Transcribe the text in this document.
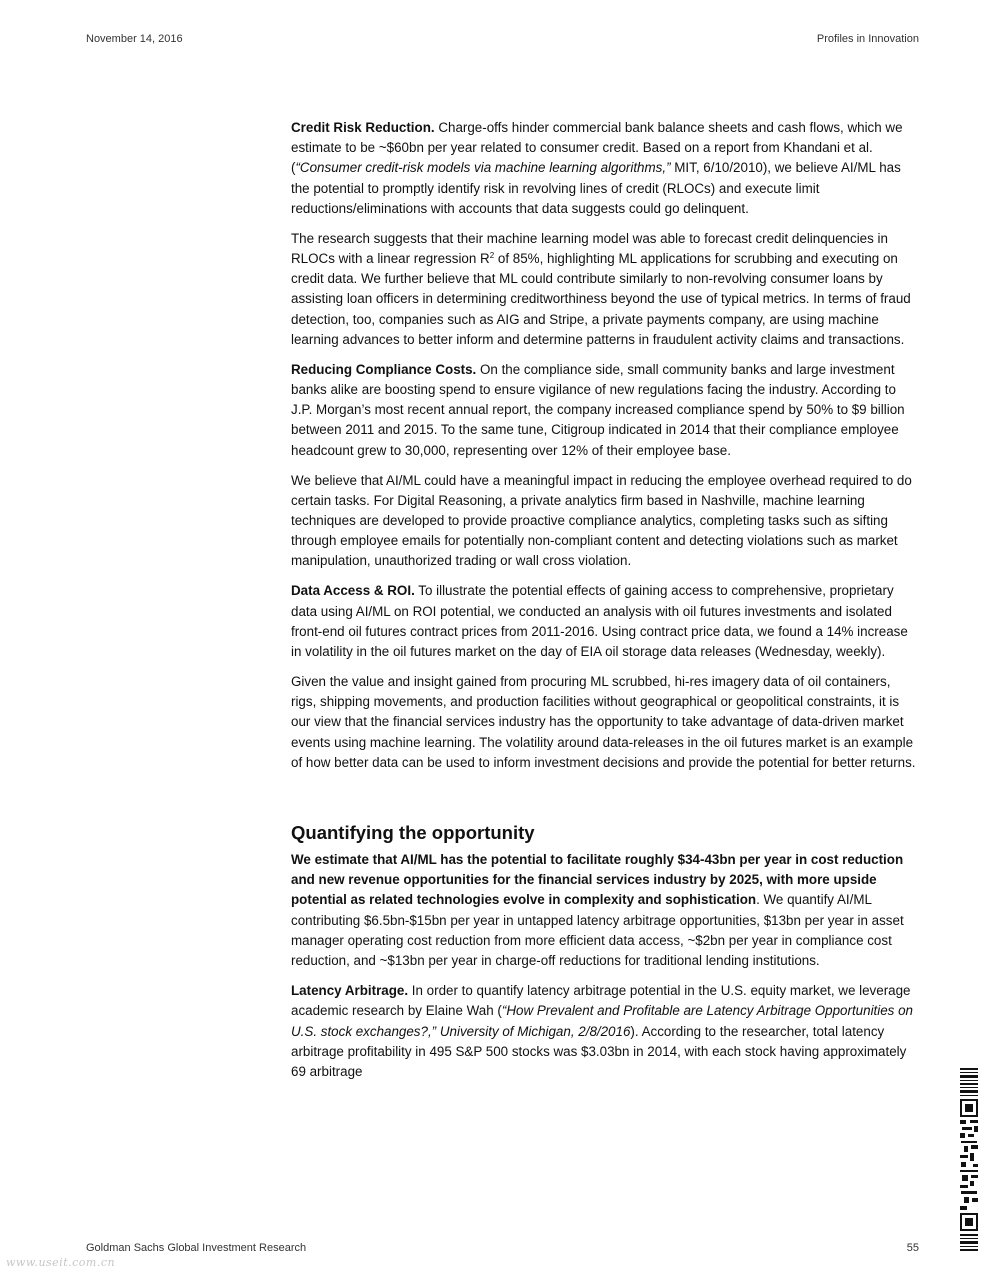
November 14, 2016	Profiles in Innovation

Credit Risk Reduction. Charge-offs hinder commercial bank balance sheets and cash flows, which we estimate to be ~$60bn per year related to consumer credit. Based on a report from Khandani et al. (“Consumer credit-risk models via machine learning algorithms,” MIT, 6/10/2010), we believe AI/ML has the potential to promptly identify risk in revolving lines of credit (RLOCs) and execute limit reductions/eliminations with accounts that data suggests could go delinquent.

The research suggests that their machine learning model was able to forecast credit delinquencies in RLOCs with a linear regression $R^2$ of 85%, highlighting ML applications for scrubbing and executing on credit data. We further believe that ML could contribute similarly to non-revolving consumer loans by assisting loan officers in determining creditworthiness beyond the use of typical metrics. In terms of fraud detection, too, companies such as AIG and Stripe, a private payments company, are using machine learning advances to better inform and determine patterns in fraudulent activity claims and transactions.

Reducing Compliance Costs. On the compliance side, small community banks and large investment banks alike are boosting spend to ensure vigilance of new regulations facing the industry. According to J.P. Morgan’s most recent annual report, the company increased compliance spend by 50% to $9 billion between 2011 and 2015. To the same tune, Citigroup indicated in 2014 that their compliance employee headcount grew to 30,000, representing over 12% of their employee base.

We believe that AI/ML could have a meaningful impact in reducing the employee overhead required to do certain tasks. For Digital Reasoning, a private analytics firm based in Nashville, machine learning techniques are developed to provide proactive compliance analytics, completing tasks such as sifting through employee emails for potentially non-compliant content and detecting violations such as market manipulation, unauthorized trading or wall cross violation.

Data Access & ROI. To illustrate the potential effects of gaining access to comprehensive, proprietary data using AI/ML on ROI potential, we conducted an analysis with oil futures investments and isolated front-end oil futures contract prices from 2011-2016. Using contract price data, we found a 14% increase in volatility in the oil futures market on the day of EIA oil storage data releases (Wednesday, weekly).

Given the value and insight gained from procuring ML scrubbed, hi-res imagery data of oil containers, rigs, shipping movements, and production facilities without geographical or geopolitical constraints, it is our view that the financial services industry has the opportunity to take advantage of data-driven market events using machine learning. The volatility around data-releases in the oil futures market is an example of how better data can be used to inform investment decisions and provide the potential for better returns.

Quantifying the opportunity

We estimate that AI/ML has the potential to facilitate roughly $34-43bn per year in cost reduction and new revenue opportunities for the financial services industry by 2025, with more upside potential as related technologies evolve in complexity and sophistication. We quantify AI/ML contributing $6.5bn-$15bn per year in untapped latency arbitrage opportunities, $13bn per year in asset manager operating cost reduction from more efficient data access, ~$2bn per year in compliance cost reduction, and ~$13bn per year in charge-off reductions for traditional lending institutions.

Latency Arbitrage. In order to quantify latency arbitrage potential in the U.S. equity market, we leverage academic research by Elaine Wah (“How Prevalent and Profitable are Latency Arbitrage Opportunities on U.S. stock exchanges?,” University of Michigan, 2/8/2016). According to the researcher, total latency arbitrage profitability in 495 S&P 500 stocks was $3.03bn in 2014, with each stock having approximately 69 arbitrage

Goldman Sachs Global Investment Research	55
www.useit.com.cn
